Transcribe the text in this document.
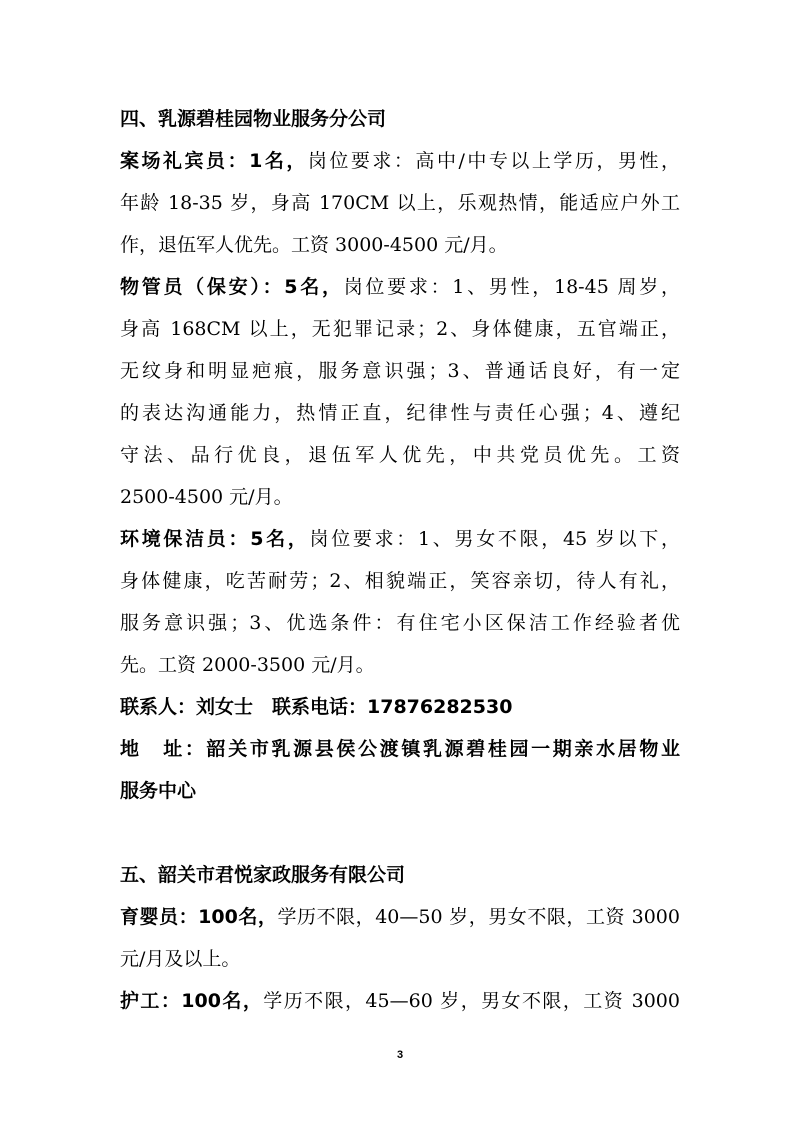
四、乳源碧桂园物业服务分公司
案场礼宾员：1名，岗位要求：高中/中专以上学历，男性，
年龄 18-35 岁，身高 170CM 以上，乐观热情，能适应户外工
作，退伍军人优先。工资 3000-4500 元/月。
物管员（保安）：5名，岗位要求：1、男性，18-45 周岁，
身高 168CM 以上，无犯罪记录；2、身体健康，五官端正，
无纹身和明显疤痕，服务意识强；3、普通话良好，有一定
的表达沟通能力，热情正直，纪律性与责任心强；4、遵纪
守法、品行优良，退伍军人优先，中共党员优先。工资
2500-4500 元/月。
环境保洁员：5名，岗位要求：1、男女不限，45 岁以下，
身体健康，吃苦耐劳；2、相貌端正，笑容亲切，待人有礼，
服务意识强；3、优选条件：有住宅小区保洁工作经验者优
先。工资 2000-3500 元/月。
联系人：刘女士　联系电话：17876282530
地　址：韶关市乳源县侯公渡镇乳源碧桂园一期亲水居物业
服务中心
五、韶关市君悦家政服务有限公司
育婴员：100名，学历不限，40—50 岁，男女不限，工资 3000
元/月及以上。
护工：100名，学历不限，45—60 岁，男女不限，工资 3000
3
